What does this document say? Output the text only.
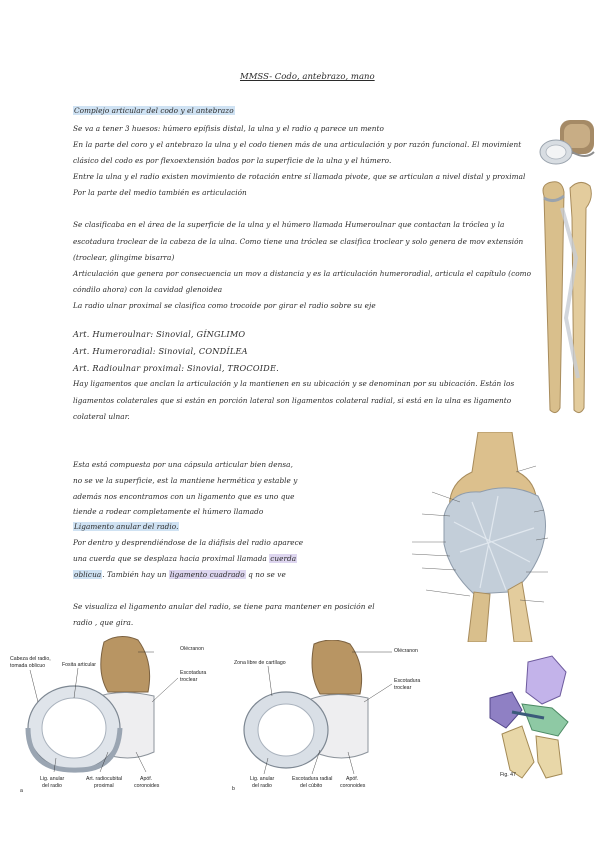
MMSS- Codo, antebrazo, mano
Complejo articular del codo y el antebrazo
Se va a tener 3 huesos: húmero epífisis distal, la ulna y el radio q parece un mento
En la parte del coro y el antebrazo la ulna y el codo tienen más de una articulación y por razón funcional. El movimient
clásico del codo es por flexoextensión bados por la superficie de la ulna y el húmero.
Entre la ulna y el radio existen movimiento de rotación entre sí llamada pivote, que se articulan a nivel distal y proximal
Por la parte del medio también es articulación
Se clasificaba en el área de la superficie de la ulna y el húmero llamada Humeroulnar que contactan la tróclea y la
escotadura troclear de la cabeza de la ulna. Como tiene una tróclea se clasifica troclear y solo genera de mov extensión
(troclear, glingime bisarra)
Articulación que genera por consecuencia un mov a distancia y es la articulación humeroradial, articula el capítulo (como
cóndilo ahora) con la cavidad glenoidea
La radio ulnar proximal se clasifica como trocoide por girar el radio sobre su eje
Art. Humeroulnar: Sinovial, GÍNGLIMO
Art. Humeroradial: Sinovial, CONDÍLEA
Art. Radioulnar proximal: Sinovial, TROCOIDE.
Hay ligamentos que anclan la articulación y la mantienen en su ubicación y se denominan por su ubicación. Están los
ligamentos colaterales que si están en porción lateral son ligamentos colateral radial, si está en la ulna es ligamento
colateral ulnar.
Esta está compuesta por una cápsula articular bien densa,
no se ve la superficie, est la mantiene hermética y estable y
además nos encontramos con un ligamento que es uno que
tiende a rodear completamente el húmero llamado
Ligamento anular del radio.
Por dentro y desprendiéndose de la diáfisis del radio aparece
una cuerda que se desplaza hacia proximal llamada cuerda
oblicua. También hay un ligamento cuadrado q no se ve
Se visualiza el ligamento anular del radio, se tiene para mantener en posición el
radio , que gira.
Cabeza del radio,
tomada oblicuo	Fosita articular
Olécranon
Escotadura
troclear
Lig. anular
del radio
Art. radiocubital
proximal
Apóf.
coronoides
a
Zona libre de cartílago
Olécranon
Escotadura
troclear
Lig. anular
del radio
Escotadura radial
del cúbito
Apóf.
coronoides
b
Fig. 47
